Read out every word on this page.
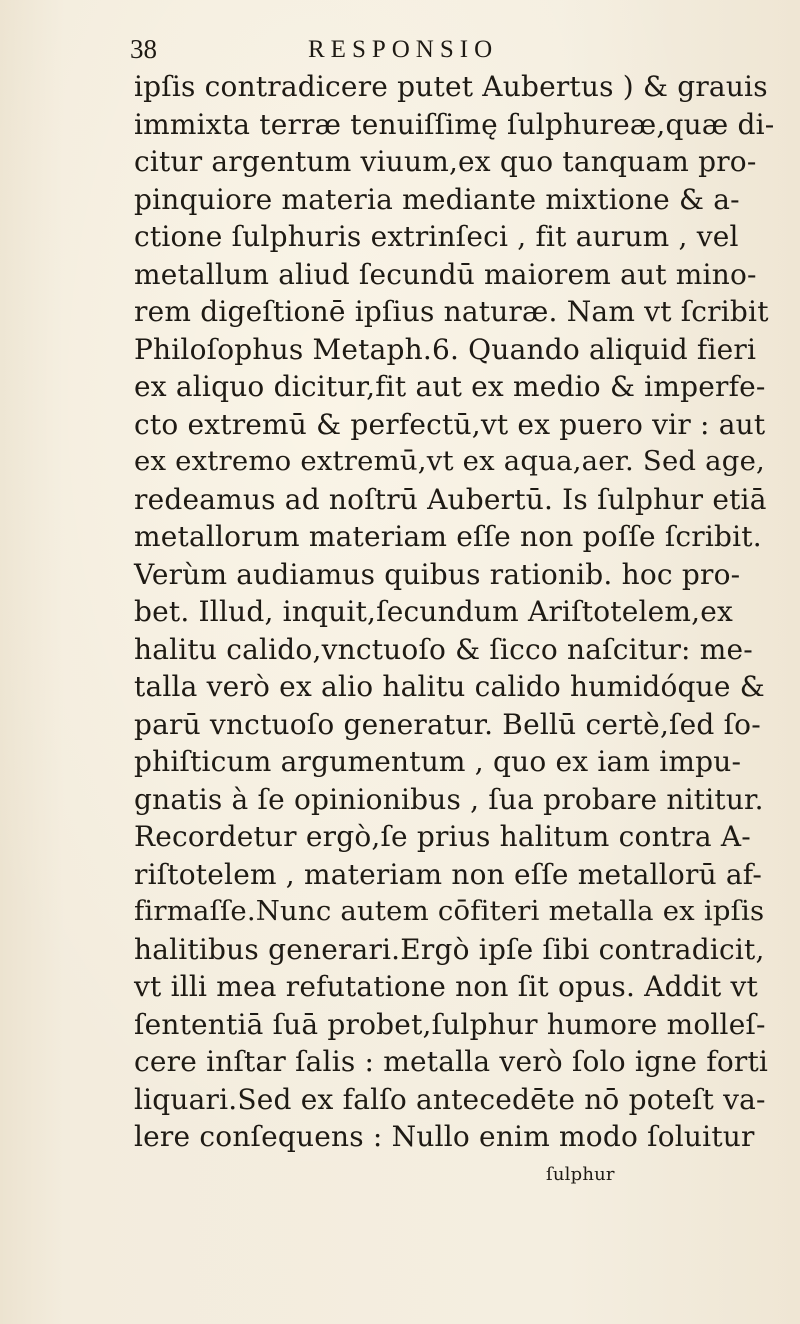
38	RESPONSIO
ipſis contradicere putet Aubertus ) & grauis
immixta terræ tenuiſſimę ſulphureæ,quæ di-
citur argentum viuum,ex quo tanquam pro-
pinquiore materia mediante mixtione & a-
ctione ſulphuris extrinſeci , fit aurum , vel
metallum aliud ſecundū maiorem aut mino-
rem digeſtionē ipſius naturæ. Nam vt ſcribit
Philoſophus Metaph.6. Quando aliquid fieri
ex aliquo dicitur,fit aut ex medio & imperfe-
cto extremū & perfectū,vt ex puero vir : aut
ex extremo extremū,vt ex aqua,aer. Sed age,
redeamus ad noſtrū Aubertū. Is ſulphur etiā
metallorum materiam eſſe non poſſe ſcribit.
Verùm audiamus quibus rationib. hoc pro-
bet. Illud, inquit,ſecundum Ariſtotelem,ex
halitu calido,vnctuoſo & ſicco naſcitur: me-
talla verò ex alio halitu calido humidóque &
parū vnctuoſo generatur. Bellū certè,ſed ſo-
phiſticum argumentum , quo ex iam impu-
gnatis à ſe opinionibus , ſua probare nititur.
Recordetur ergò,ſe prius halitum contra A-
riſtotelem , materiam non eſſe metallorū af-
firmaſſe.Nunc autem cōfiteri metalla ex ipſis
halitibus generari.Ergò ipſe ſibi contradicit,
vt illi mea refutatione non ſit opus. Addit vt
ſententiā ſuā probet,ſulphur humore mollеſ-
cere inſtar ſalis : metalla verò ſolo igne forti
liquari.Sed ex falſo antecedēte nō poteſt va-
lere conſequens : Nullo enim modo ſoluitur
ſulphur
